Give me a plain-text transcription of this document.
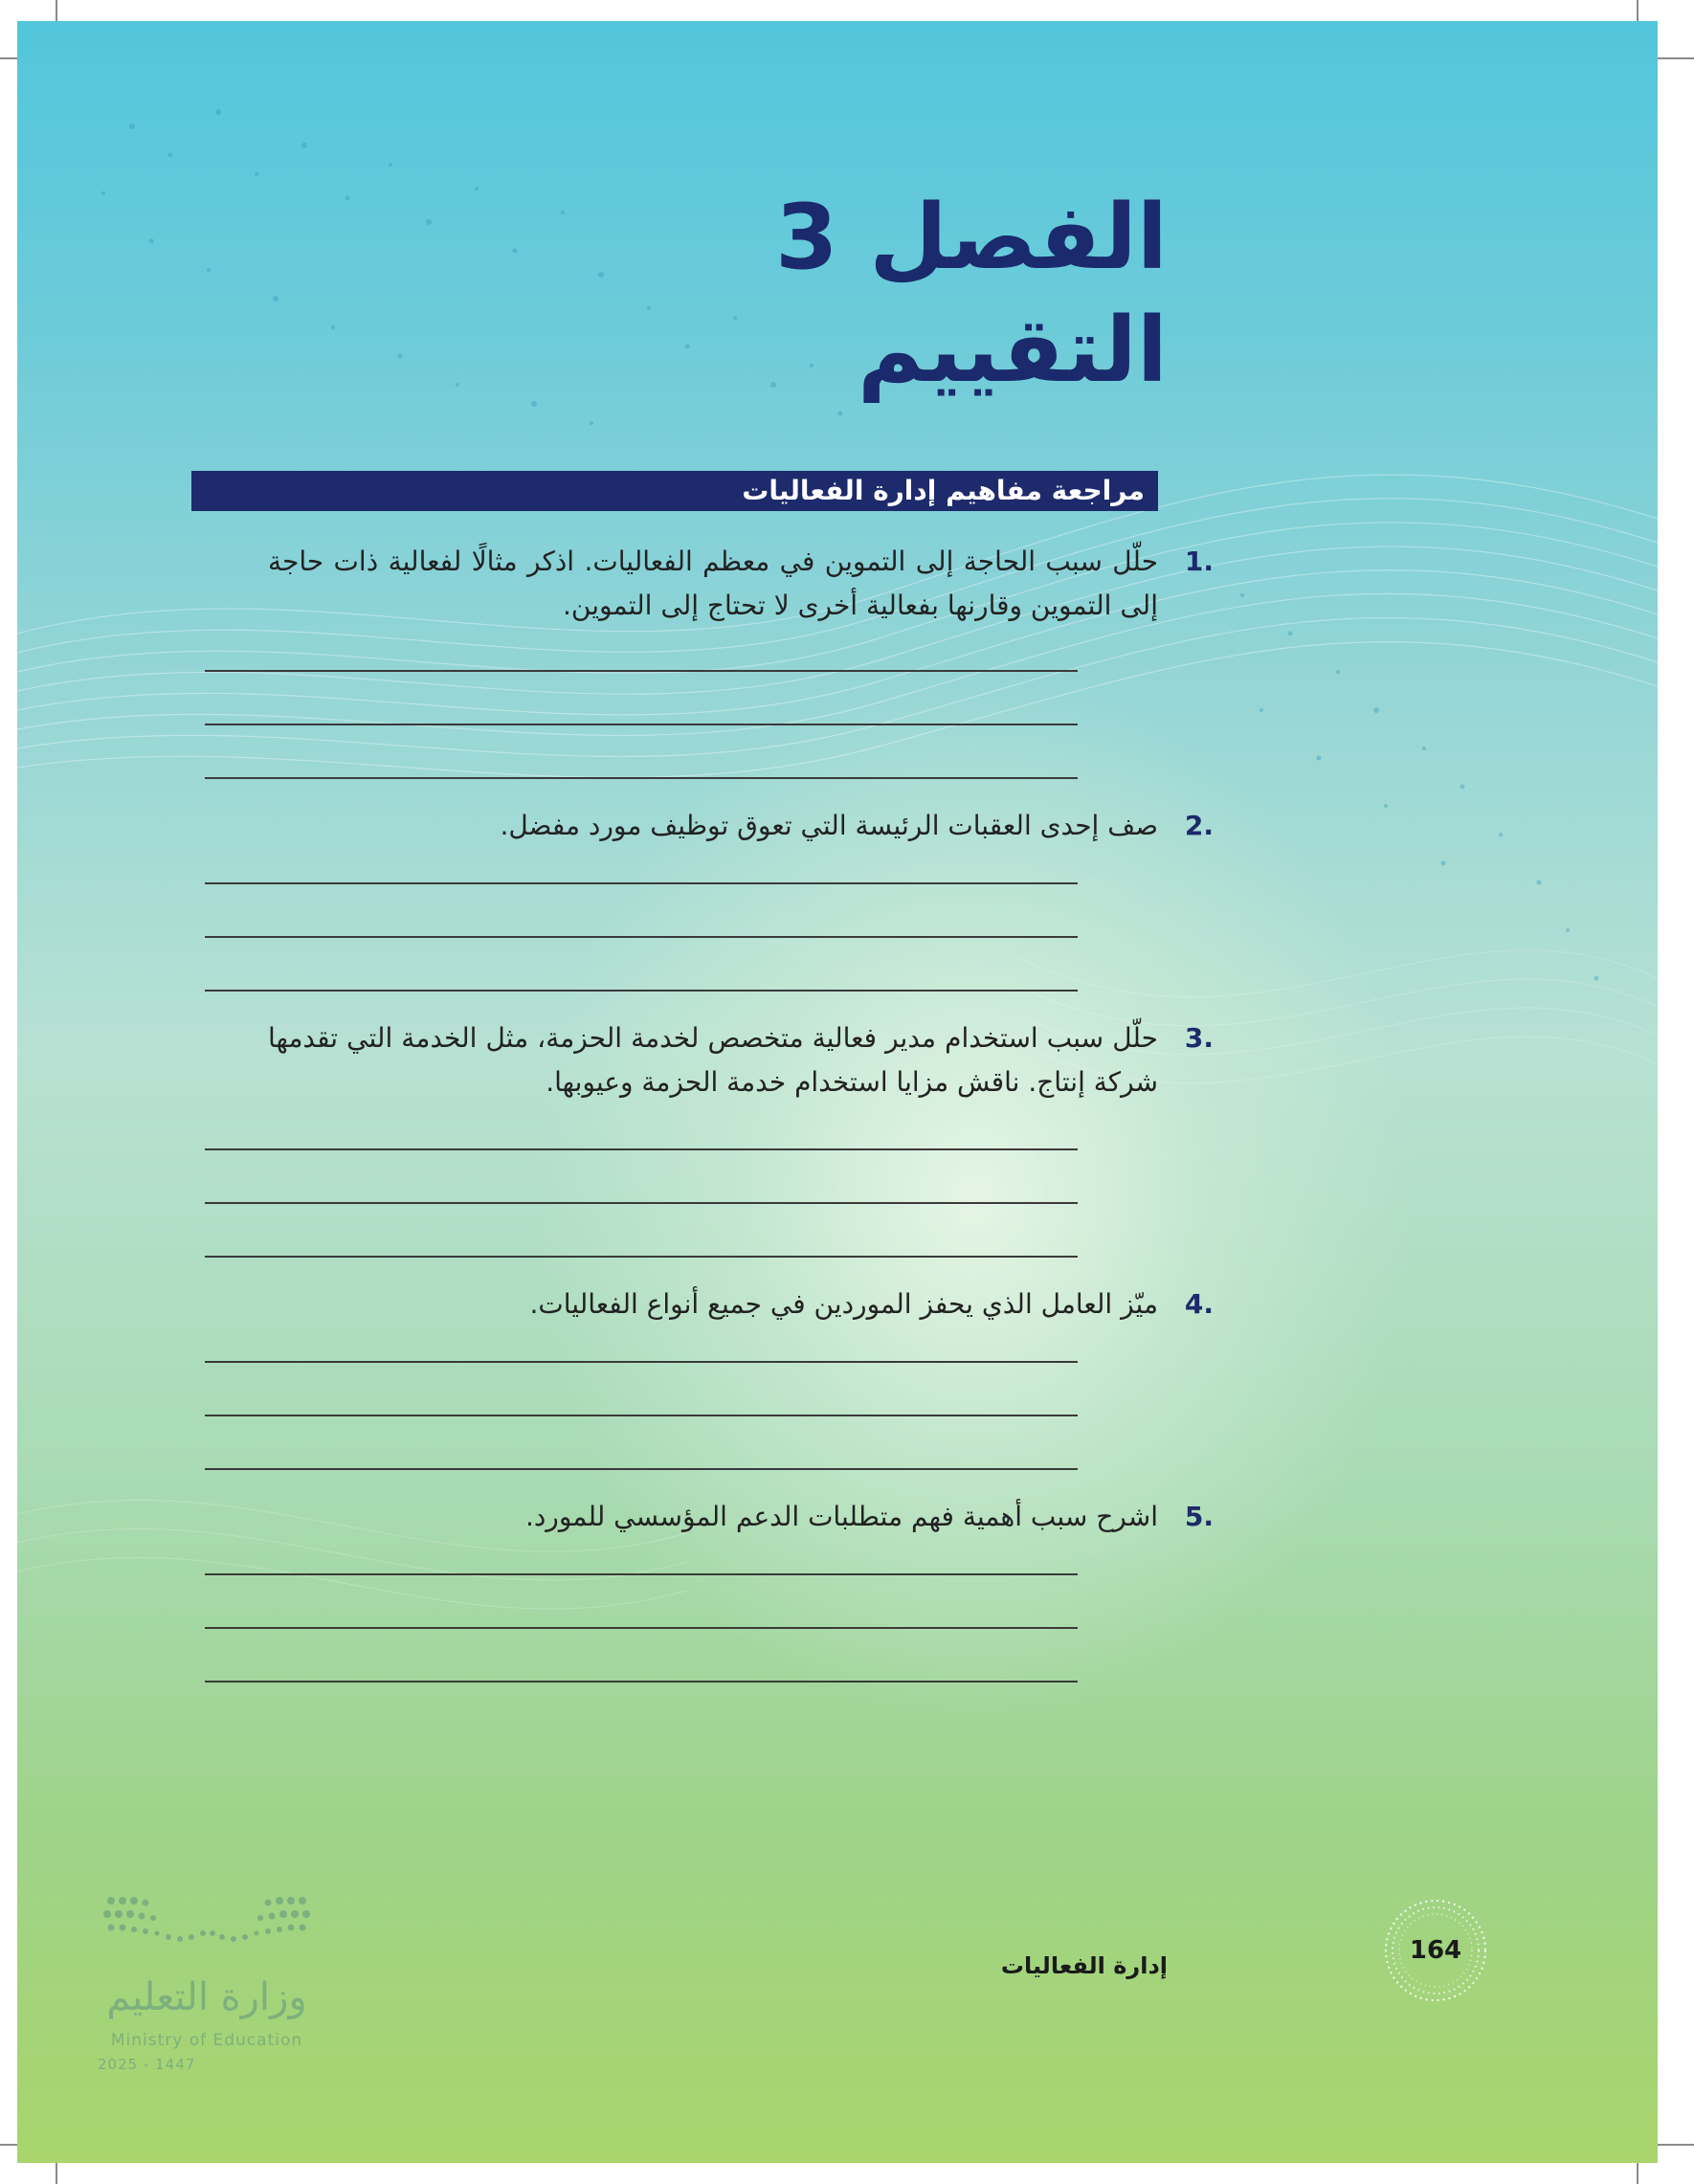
الفصل 3
التقييم
مراجعة مفاهيم إدارة الفعاليات
1.
حلّل سبب الحاجة إلى التموين في معظم الفعاليات. اذكر مثالًا لفعالية ذات حاجة إلى التموين وقارنها بفعالية أخرى لا تحتاج إلى التموين.
2.
صف إحدى العقبات الرئيسة التي تعوق توظيف مورد مفضل.
3.
حلّل سبب استخدام مدير فعالية متخصص لخدمة الحزمة، مثل الخدمة التي تقدمها شركة إنتاج. ناقش مزايا استخدام خدمة الحزمة وعيوبها.
4.
ميّز العامل الذي يحفز الموردين في جميع أنواع الفعاليات.
5.
اشرح سبب أهمية فهم متطلبات الدعم المؤسسي للمورد.
إدارة الفعاليات
164
وزارة التعليم
Ministry of Education
2025 - 1447
